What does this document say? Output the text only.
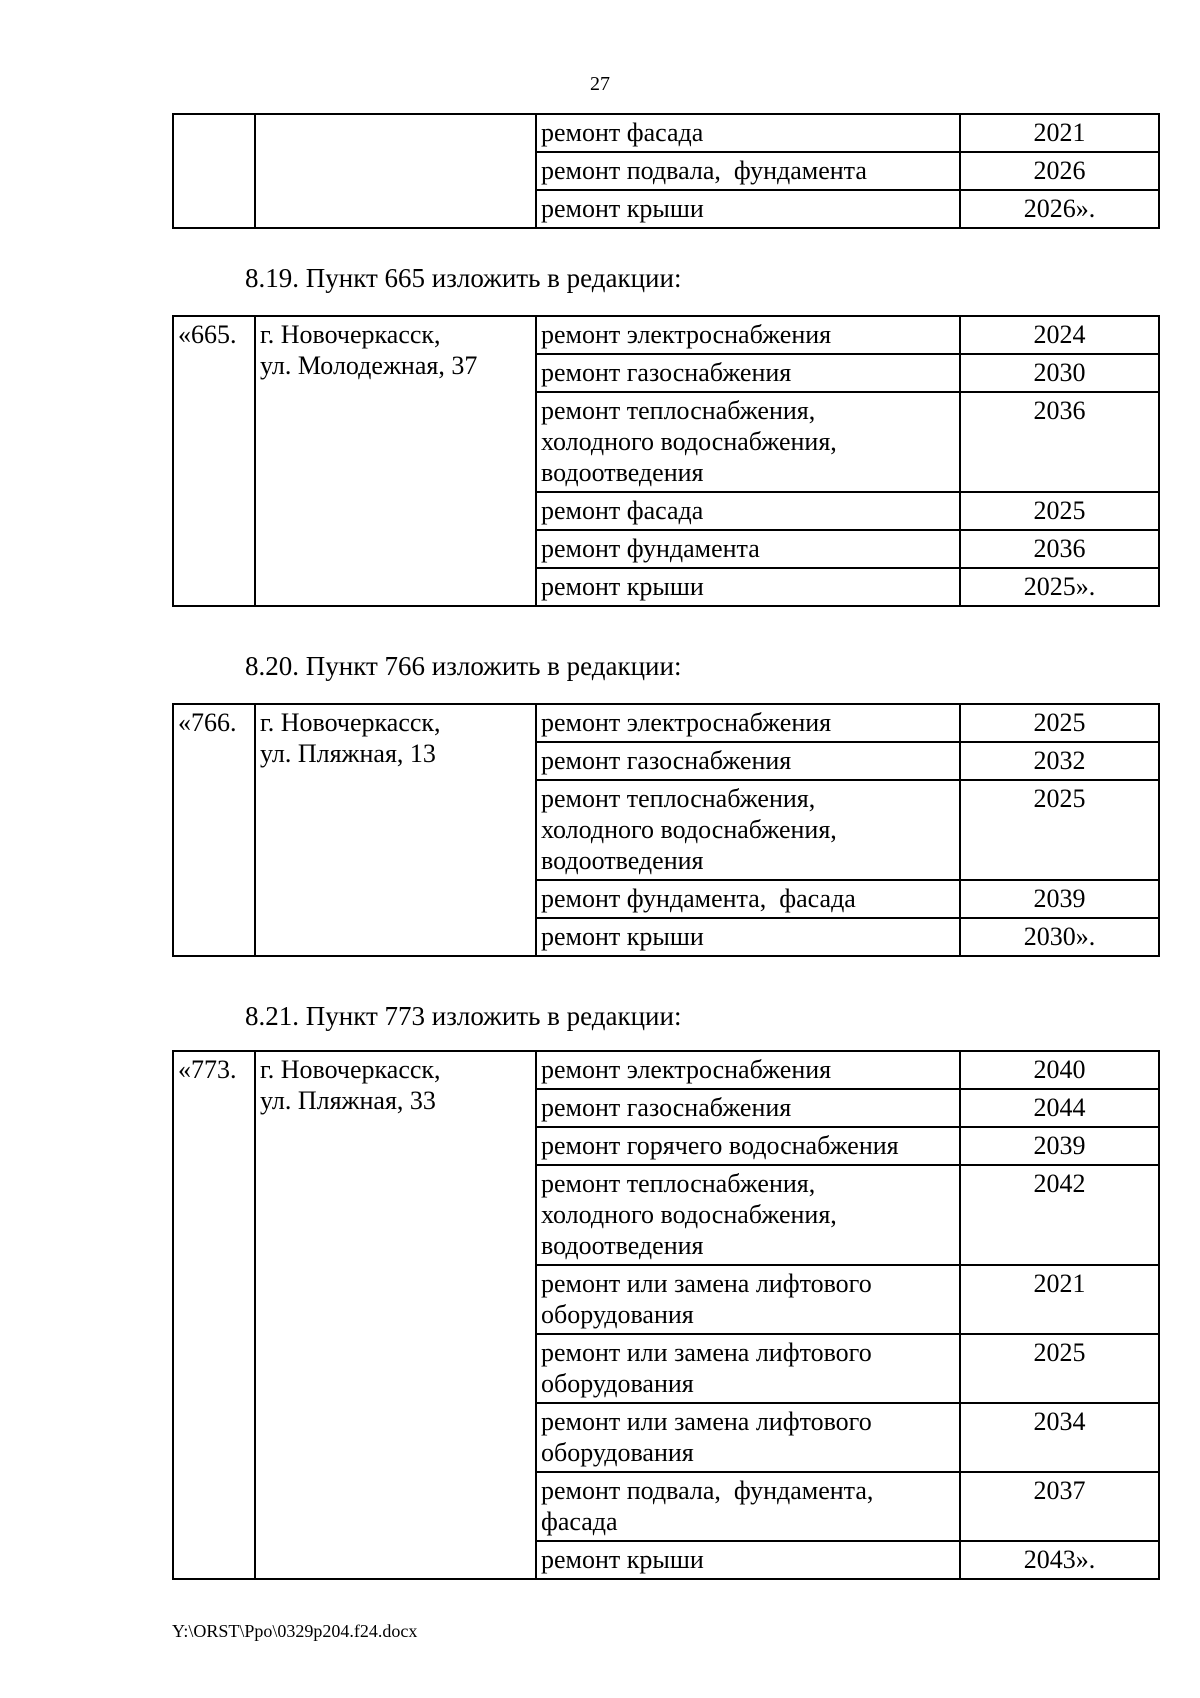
27
		ремонт фасада	2021
		ремонт подвала,  фундамента	2026
		ремонт крыши	2026».
8.19. Пункт 665 изложить в редакции:
«665.	г. Новочеркасск,
ул. Молодежная, 37	ремонт электроснабжения	2024
		ремонт газоснабжения	2030

		ремонт теплоснабжения,
холодного водоснабжения,
водоотведения	2036
		ремонт фасада	2025
		ремонт фундамента	2036
		ремонт крыши	2025».
8.20. Пункт 766 изложить в редакции:
«766.	г. Новочеркасск,
ул. Пляжная, 13	ремонт электроснабжения	2025
		ремонт газоснабжения	2032

		ремонт теплоснабжения,
холодного водоснабжения,
водоотведения	2025
		ремонт фундамента,  фасада	2039
		ремонт крыши	2030».
8.21. Пункт 773 изложить в редакции:
«773.	г. Новочеркасск,
ул. Пляжная, 33	ремонт электроснабжения	2040
		ремонт газоснабжения	2044
		ремонт горячего водоснабжения	2039

		ремонт теплоснабжения,
холодного водоснабжения,
водоотведения	2042

		ремонт или замена лифтового
оборудования	2021

		ремонт или замена лифтового
оборудования	2025

		ремонт или замена лифтового
оборудования	2034

		ремонт подвала,  фундамента,
фасада	2037
		ремонт крыши	2043».
Y:\ORST\Ppo\0329p204.f24.docx
